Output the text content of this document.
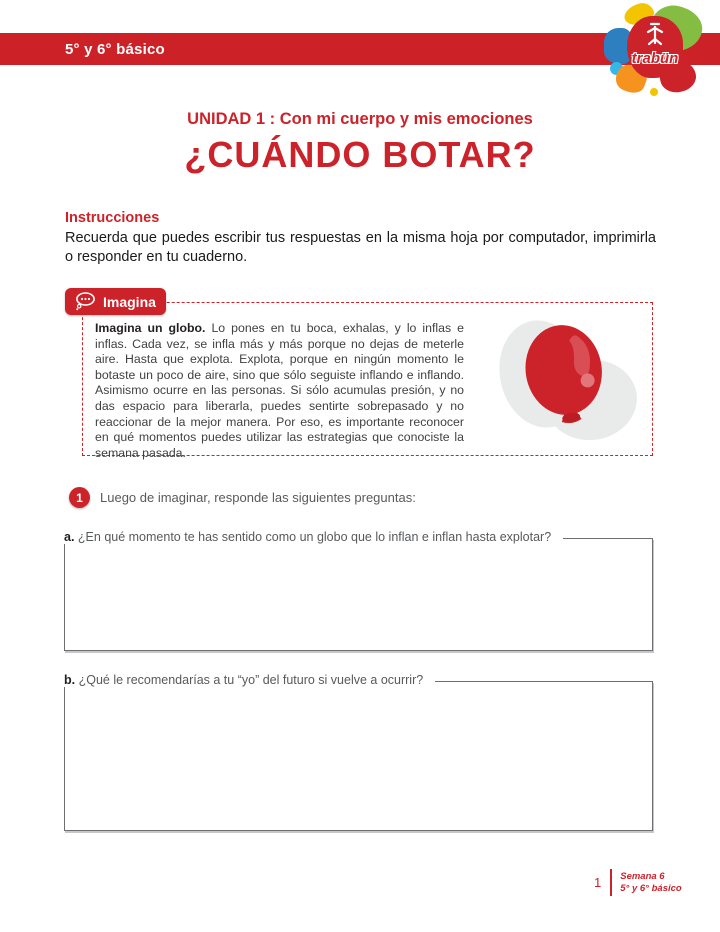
5° y 6° básico
trabün
UNIDAD 1 : Con mi cuerpo y mis emociones
¿CUÁNDO BOTAR?
Instrucciones

Recuerda que puedes escribir tus respuestas en la misma hoja por computador, imprimirla o responder en tu cuaderno.

Imagina

Imagina un globo. Lo pones en tu boca, exhalas, y lo inflas e inflas. Cada vez, se infla más y más porque no dejas de meterle aire. Hasta que explota. Explota, porque en ningún momento le botaste un poco de aire, sino que sólo seguiste inflando e inflando. Asimismo ocurre en las personas. Si sólo acumulas presión, y no das espacio para liberarla, puedes sentirte sobrepasado y no reaccionar de la mejor manera. Por eso, es importante reconocer en qué momentos puedes utilizar las estrategias que conociste la semana pasada.

1	Luego de imaginar, responde las siguientes preguntas:
a. ¿En qué momento te has sentido como un globo que lo inflan e inflan hasta explotar?
b. ¿Qué le recomendarías a tu “yo” del futuro si vuelve a ocurrir?
1 Semana 6
5° y 6° básico
